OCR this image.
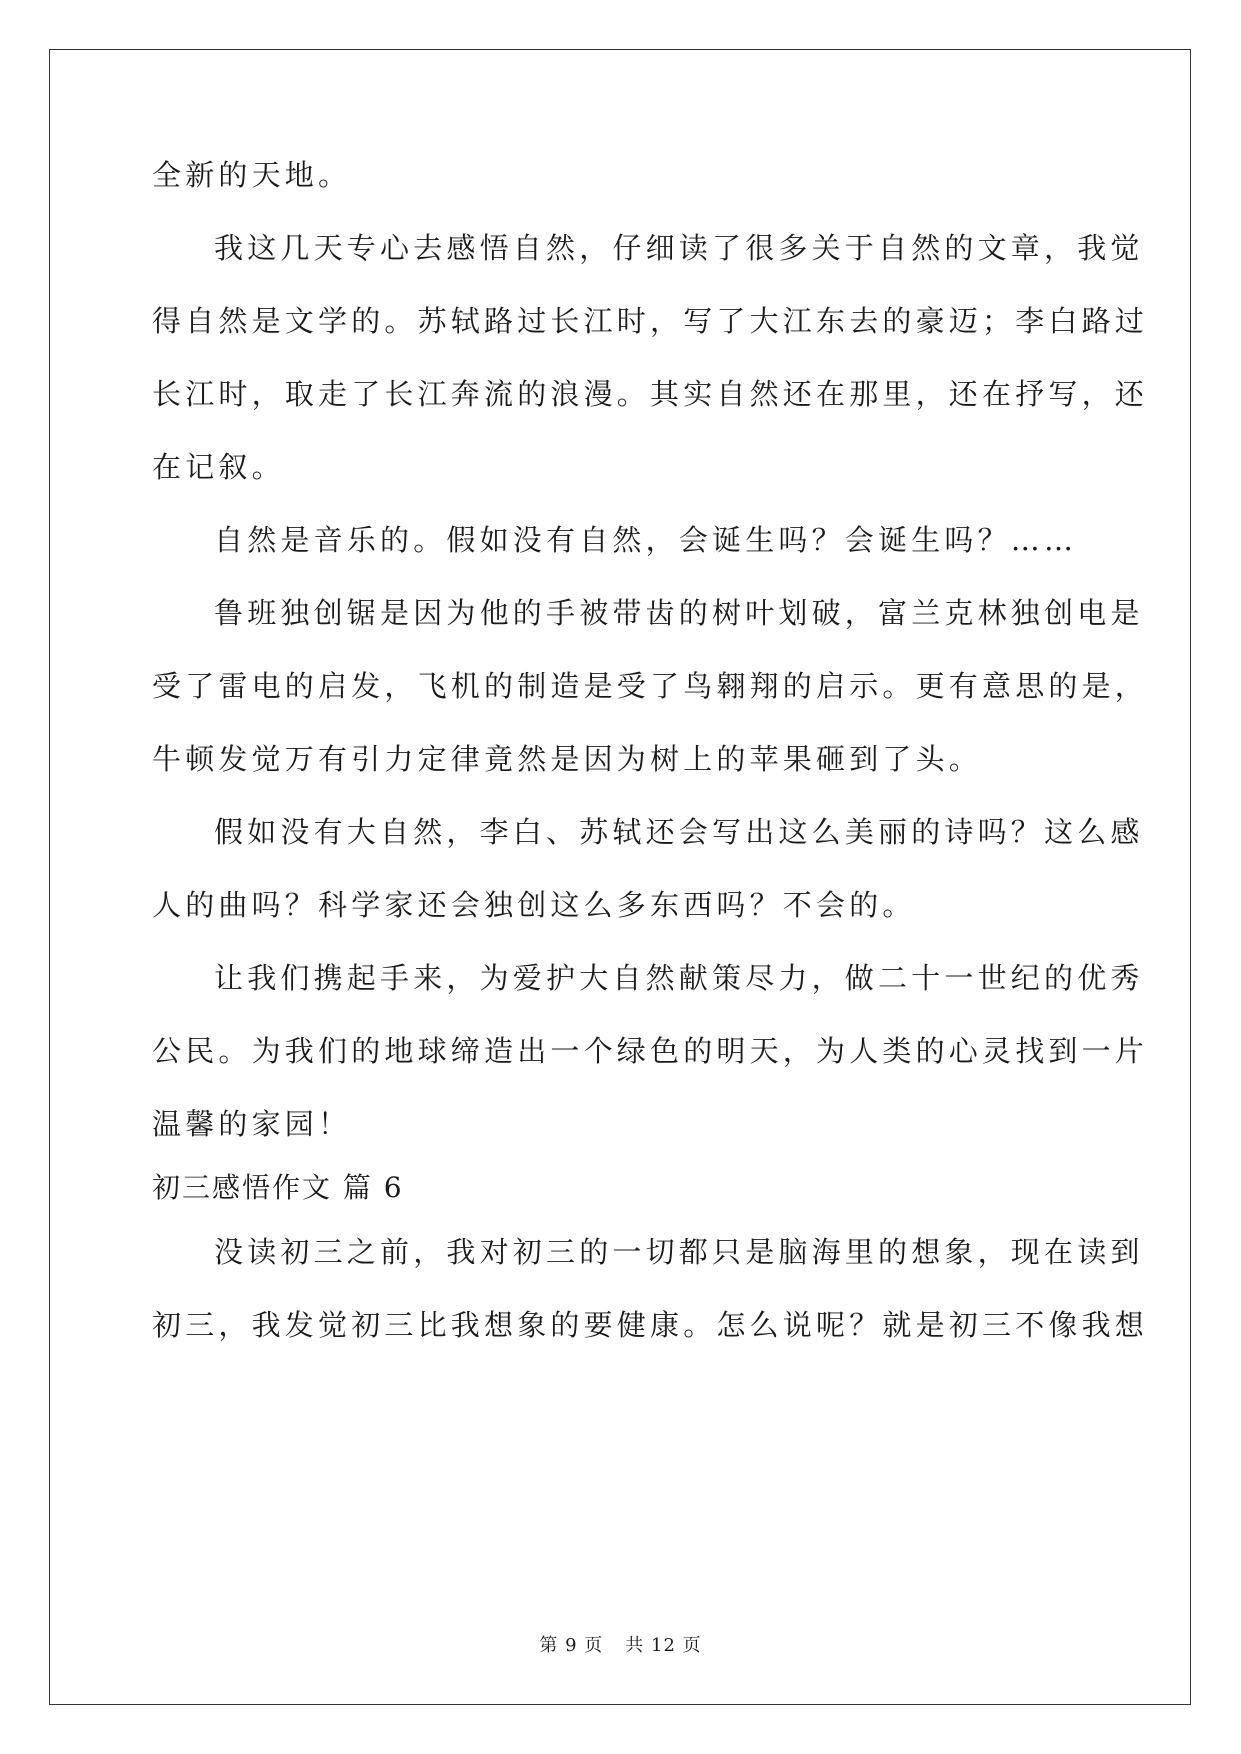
全新的天地。
我这几天专心去感悟自然，仔细读了很多关于自然的文章，我觉
得自然是文学的。苏轼路过长江时，写了大江东去的豪迈；李白路过
长江时，取走了长江奔流的浪漫。其实自然还在那里，还在抒写，还
在记叙。
自然是音乐的。假如没有自然，会诞生吗？会诞生吗？……
鲁班独创锯是因为他的手被带齿的树叶划破，富兰克林独创电是
受了雷电的启发，飞机的制造是受了鸟翱翔的启示。更有意思的是，
牛顿发觉万有引力定律竟然是因为树上的苹果砸到了头。
假如没有大自然，李白、苏轼还会写出这么美丽的诗吗？这么感
人的曲吗？科学家还会独创这么多东西吗？不会的。
让我们携起手来，为爱护大自然献策尽力，做二十一世纪的优秀
公民。为我们的地球缔造出一个绿色的明天，为人类的心灵找到一片
温馨的家园！
初三感悟作文 篇 6
没读初三之前，我对初三的一切都只是脑海里的想象，现在读到
初三，我发觉初三比我想象的要健康。怎么说呢？就是初三不像我想
第 9 页 共 12 页
